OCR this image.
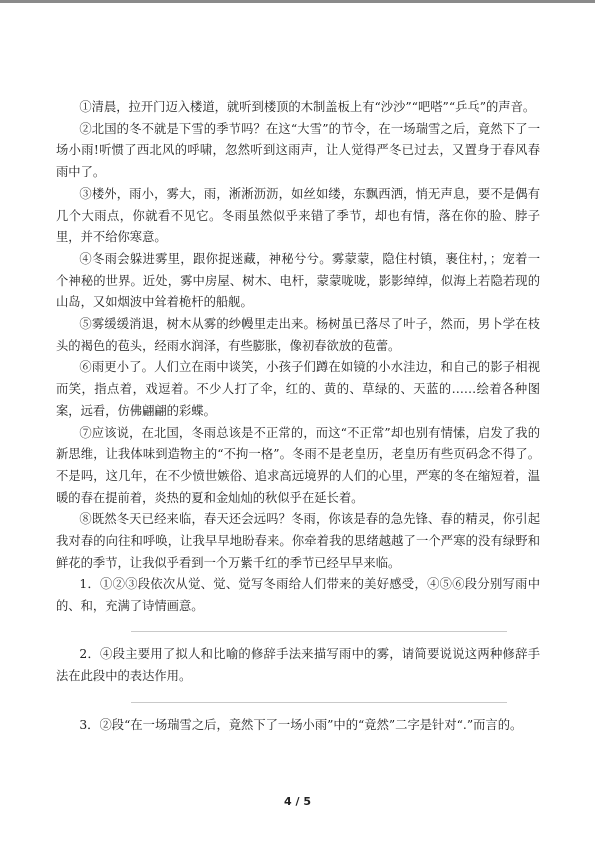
①清晨，拉开门迈入楼道，就听到楼顶的木制盖板上有“沙沙”“吧嗒”“乒乓”的声音。

②北国的冬不就是下雪的季节吗？在这“大雪”的节令，在一场瑞雪之后，竟然下了一场小雨!听惯了西北风的呼啸，忽然听到这雨声，让人觉得严冬已过去，又置身于春风春雨中了。

③楼外，雨小，雾大，雨，淅淅沥沥，如丝如缕，东飘西洒，悄无声息，要不是偶有几个大雨点，你就看不见它。冬雨虽然似乎来错了季节，却也有情，落在你的脸、脖子里，并不给你寒意。

④冬雨会躲进雾里，跟你捉迷藏，神秘兮兮。雾蒙蒙，隐住村镇，裹住村，；宠着一个神秘的世界。近处，雾中房屋、树木、电杆，蒙蒙咙咙，影影绰绰，似海上若隐若现的山岛，又如烟波中耸着桅杆的船舰。

⑤雾缓缓消退，树木从雾的纱幔里走出来。杨树虽已落尽了叶子，然而，男卜学在枝头的褐色的苞头，经雨水润泽，有些膨胀，像初春欲放的苞蕾。

⑥雨更小了。人们立在雨中谈笑，小孩子们蹲在如镜的小水洼边，和自己的影子相视而笑，指点着，戏逗着。不少人打了伞，红的、黄的、草绿的、天蓝的……绘着各种图案，远看，仿佛翩翩的彩蝶。

⑦应该说，在北国，冬雨总该是不正常的，而这“不正常”却也别有情愫，启发了我的新思维，让我体味到造物主的“不拘一格”。冬雨不是老皇历，老皇历有些页码念不得了。不是吗，这几年，在不少愤世嫉俗、追求高远境界的人们的心里，严寒的冬在缩短着，温暖的春在提前着，炎热的夏和金灿灿的秋似乎在延长着。

⑧既然冬天已经来临，春天还会远吗？冬雨，你该是春的急先锋、春的精灵，你引起我对春的向往和呼唤，让我早早地盼春来。你牵着我的思绪越越了一个严寒的没有绿野和鲜花的季节，让我似乎看到一个万紫千红的季节已经早早来临。

1．①②③段依次从觉、觉、觉写冬雨给人们带来的美好感受，④⑤⑥段分别写雨中的、和，充满了诗情画意。

2．④段主要用了拟人和比喻的修辞手法来描写雨中的雾，请简要说说这两种修辞手法在此段中的表达作用。

3．②段“在一场瑞雪之后，竟然下了一场小雨”中的“竟然”二字是针对“.”而言的。

4 / 5
